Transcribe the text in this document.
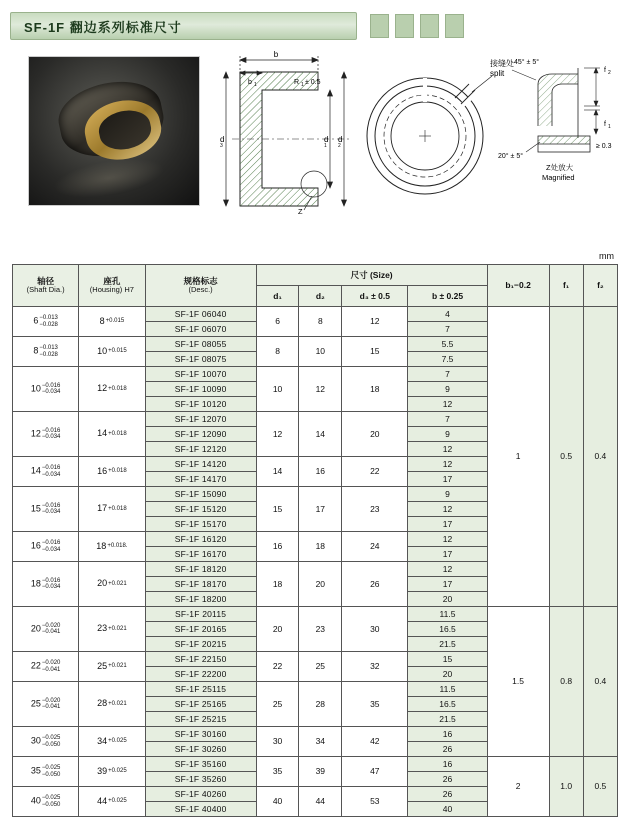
SF-1F 翻边系列标准尺寸
b
b 1	R 1 ± 0.5
d
3
d
1
d
2
Z
接缝处
split	f 2
f 1
45° ± 5°
20° ± 5°
≥ 0.3
Z处放大
Magnified
mm
轴径
(Shaft Dia.)	座孔
(Housing) H7	规格标志
(Desc.)	尺寸 (Size)				b₁−0.2	f₁	f₂
			d₁	d₂	d₃ ± 0.5	b ± 0.25			
6 −0.013
−0.028	8 +0.015	SF-1F 06040	6	8	12	4	1	0.5	0.4
		SF-1F 06070				7			
8 −0.013
−0.028	10 +0.015	SF-1F 08055	8	10	15	5.5			
		SF-1F 08075				7.5			
10 −0.016
−0.034	12 +0.018	SF-1F 10070	10	12	18	7			
		SF-1F 10090				9			
		SF-1F 10120				12			
12 −0.016
−0.034	14 +0.018	SF-1F 12070	12	14	20	7			
		SF-1F 12090				9			
		SF-1F 12120				12			
14 −0.016
−0.034	16 +0.018	SF-1F 14120	14	16	22	12			
		SF-1F 14170				17			
15 −0.016
−0.034	17 +0.018	SF-1F 15090	15	17	23	9			
		SF-1F 15120				12			
		SF-1F 15170				17			
16 −0.016
−0.034	18 +0.018.	SF-1F 16120	16	18	24	12			
		SF-1F 16170				17			
18 −0.016
−0.034	20 +0.021	SF-1F 18120	18	20	26	12			
		SF-1F 18170				17			
		SF-1F 18200				20			
20 −0.020
−0.041	23 +0.021	SF-1F 20115	20	23	30	11.5	1.5	0.8	0.4
		SF-1F 20165				16.5			
		SF-1F 20215				21.5			
22 −0.020
−0.041	25 +0.021	SF-1F 22150	22	25	32	15			
		SF-1F 22200				20			
25 −0.020
−0.041	28 +0.021	SF-1F 25115	25	28	35	11.5			
		SF-1F 25165				16.5			
		SF-1F 25215				21.5			
30 −0.025
−0.050	34 +0.025	SF-1F 30160	30	34	42	16			
		SF-1F 30260				26			
35 −0.025
−0.050	39 +0.025	SF-1F 35160	35	39	47	16	2	1.0	0.5
		SF-1F 35260				26			
40 −0.025
−0.050	44 +0.025	SF-1F 40260	40	44	53	26			
		SF-1F 40400				40			
